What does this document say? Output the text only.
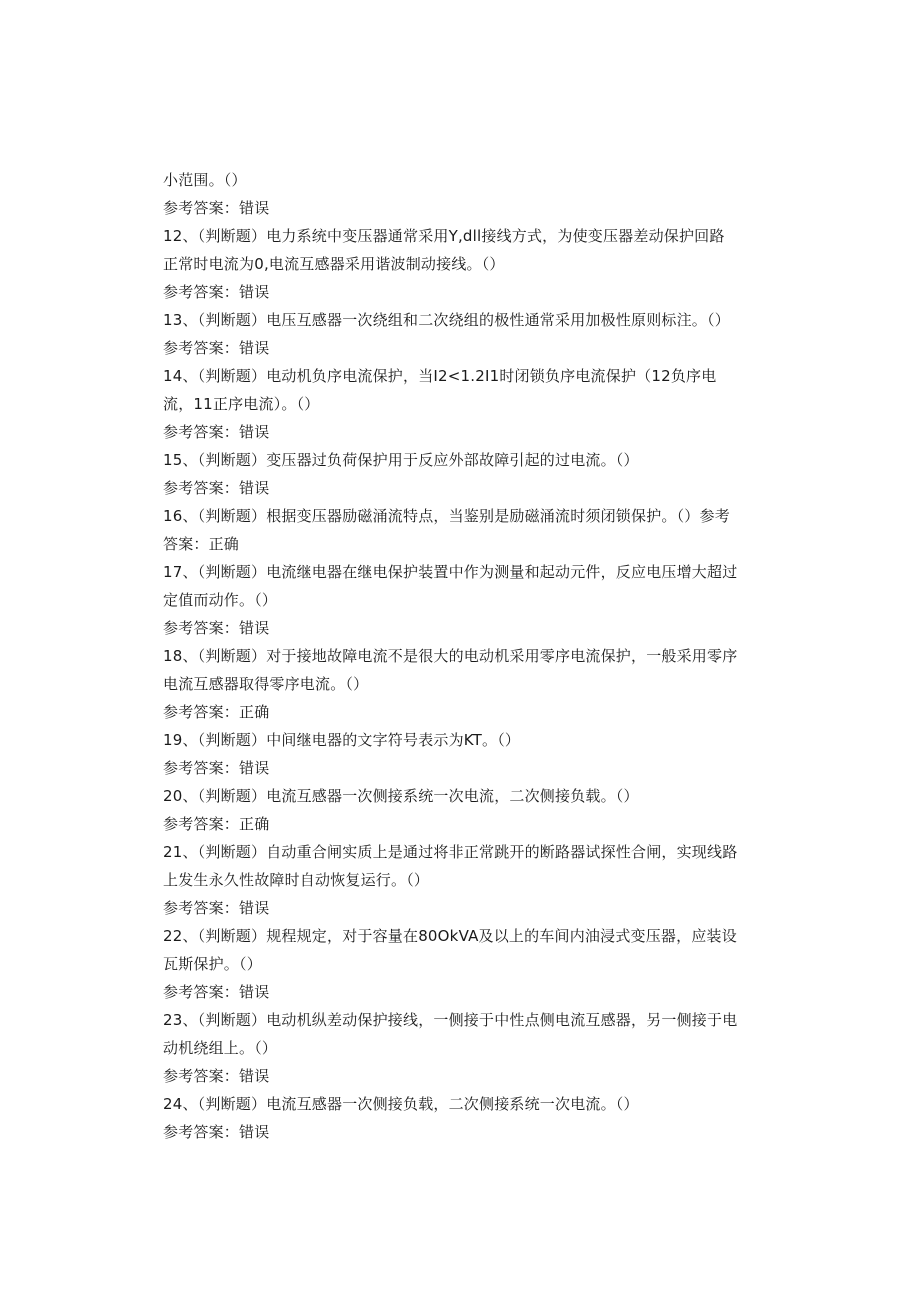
小范围。（）
参考答案：错误
12、（判断题）电力系统中变压器通常采用Y,dll接线方式，为使变压器差动保护回路
正常时电流为0,电流互感器采用谐波制动接线。（）
参考答案：错误
13、（判断题）电压互感器一次绕组和二次绕组的极性通常采用加极性原则标注。（）
参考答案：错误
14、（判断题）电动机负序电流保护，当I2<1.2I1时闭锁负序电流保护（12负序电
流，11正序电流）。（）
参考答案：错误
15、（判断题）变压器过负荷保护用于反应外部故障引起的过电流。（）
参考答案：错误
16、（判断题）根据变压器励磁涌流特点，当鉴别是励磁涌流时须闭锁保护。（）参考
答案：正确
17、（判断题）电流继电器在继电保护装置中作为测量和起动元件，反应电压增大超过
定值而动作。（）
参考答案：错误
18、（判断题）对于接地故障电流不是很大的电动机采用零序电流保护，一般采用零序
电流互感器取得零序电流。（）
参考答案：正确
19、（判断题）中间继电器的文字符号表示为KT。（）
参考答案：错误
20、（判断题）电流互感器一次侧接系统一次电流，二次侧接负载。（）
参考答案：正确
21、（判断题）自动重合闸实质上是通过将非正常跳开的断路器试探性合闸，实现线路
上发生永久性故障时自动恢复运行。（）
参考答案：错误
22、（判断题）规程规定，对于容量在80OkVA及以上的车间内油浸式变压器，应装设
瓦斯保护。（）
参考答案：错误
23、（判断题）电动机纵差动保护接线，一侧接于中性点侧电流互感器，另一侧接于电
动机绕组上。（）
参考答案：错误
24、（判断题）电流互感器一次侧接负载，二次侧接系统一次电流。（）
参考答案：错误
